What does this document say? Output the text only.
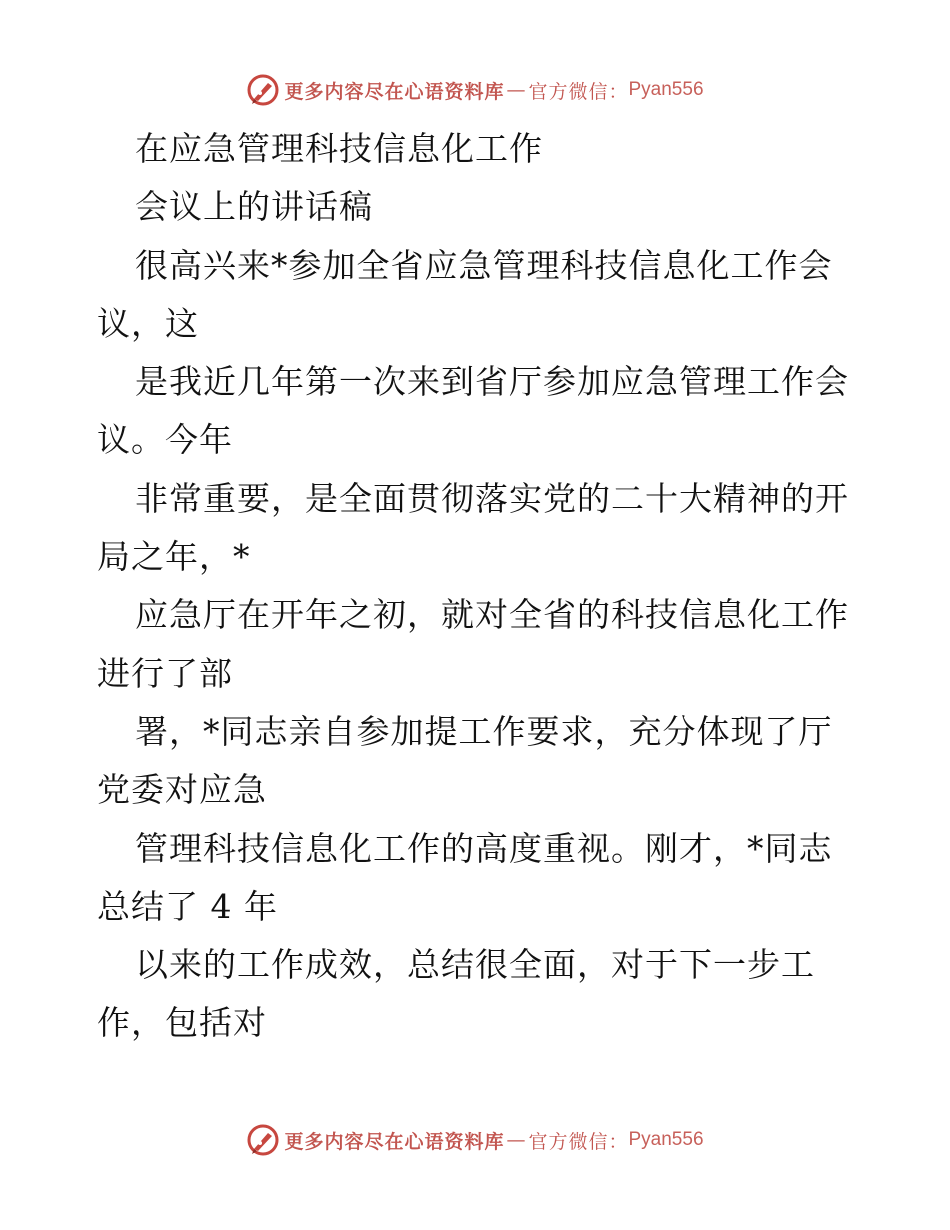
更多内容尽在心语资料库 — 官方微信： Pyan556
在应急管理科技信息化工作
会议上的讲话稿
很高兴来*参加全省应急管理科技信息化工作会
议，这
是我近几年第一次来到省厅参加应急管理工作会
议。今年
非常重要，是全面贯彻落实党的二十大精神的开
局之年，*
应急厅在开年之初，就对全省的科技信息化工作
进行了部
署，*同志亲自参加提工作要求，充分体现了厅
党委对应急
管理科技信息化工作的高度重视。刚才，*同志
总结了 4 年
以来的工作成效，总结很全面，对于下一步工
作，包括对
更多内容尽在心语资料库 — 官方微信： Pyan556
